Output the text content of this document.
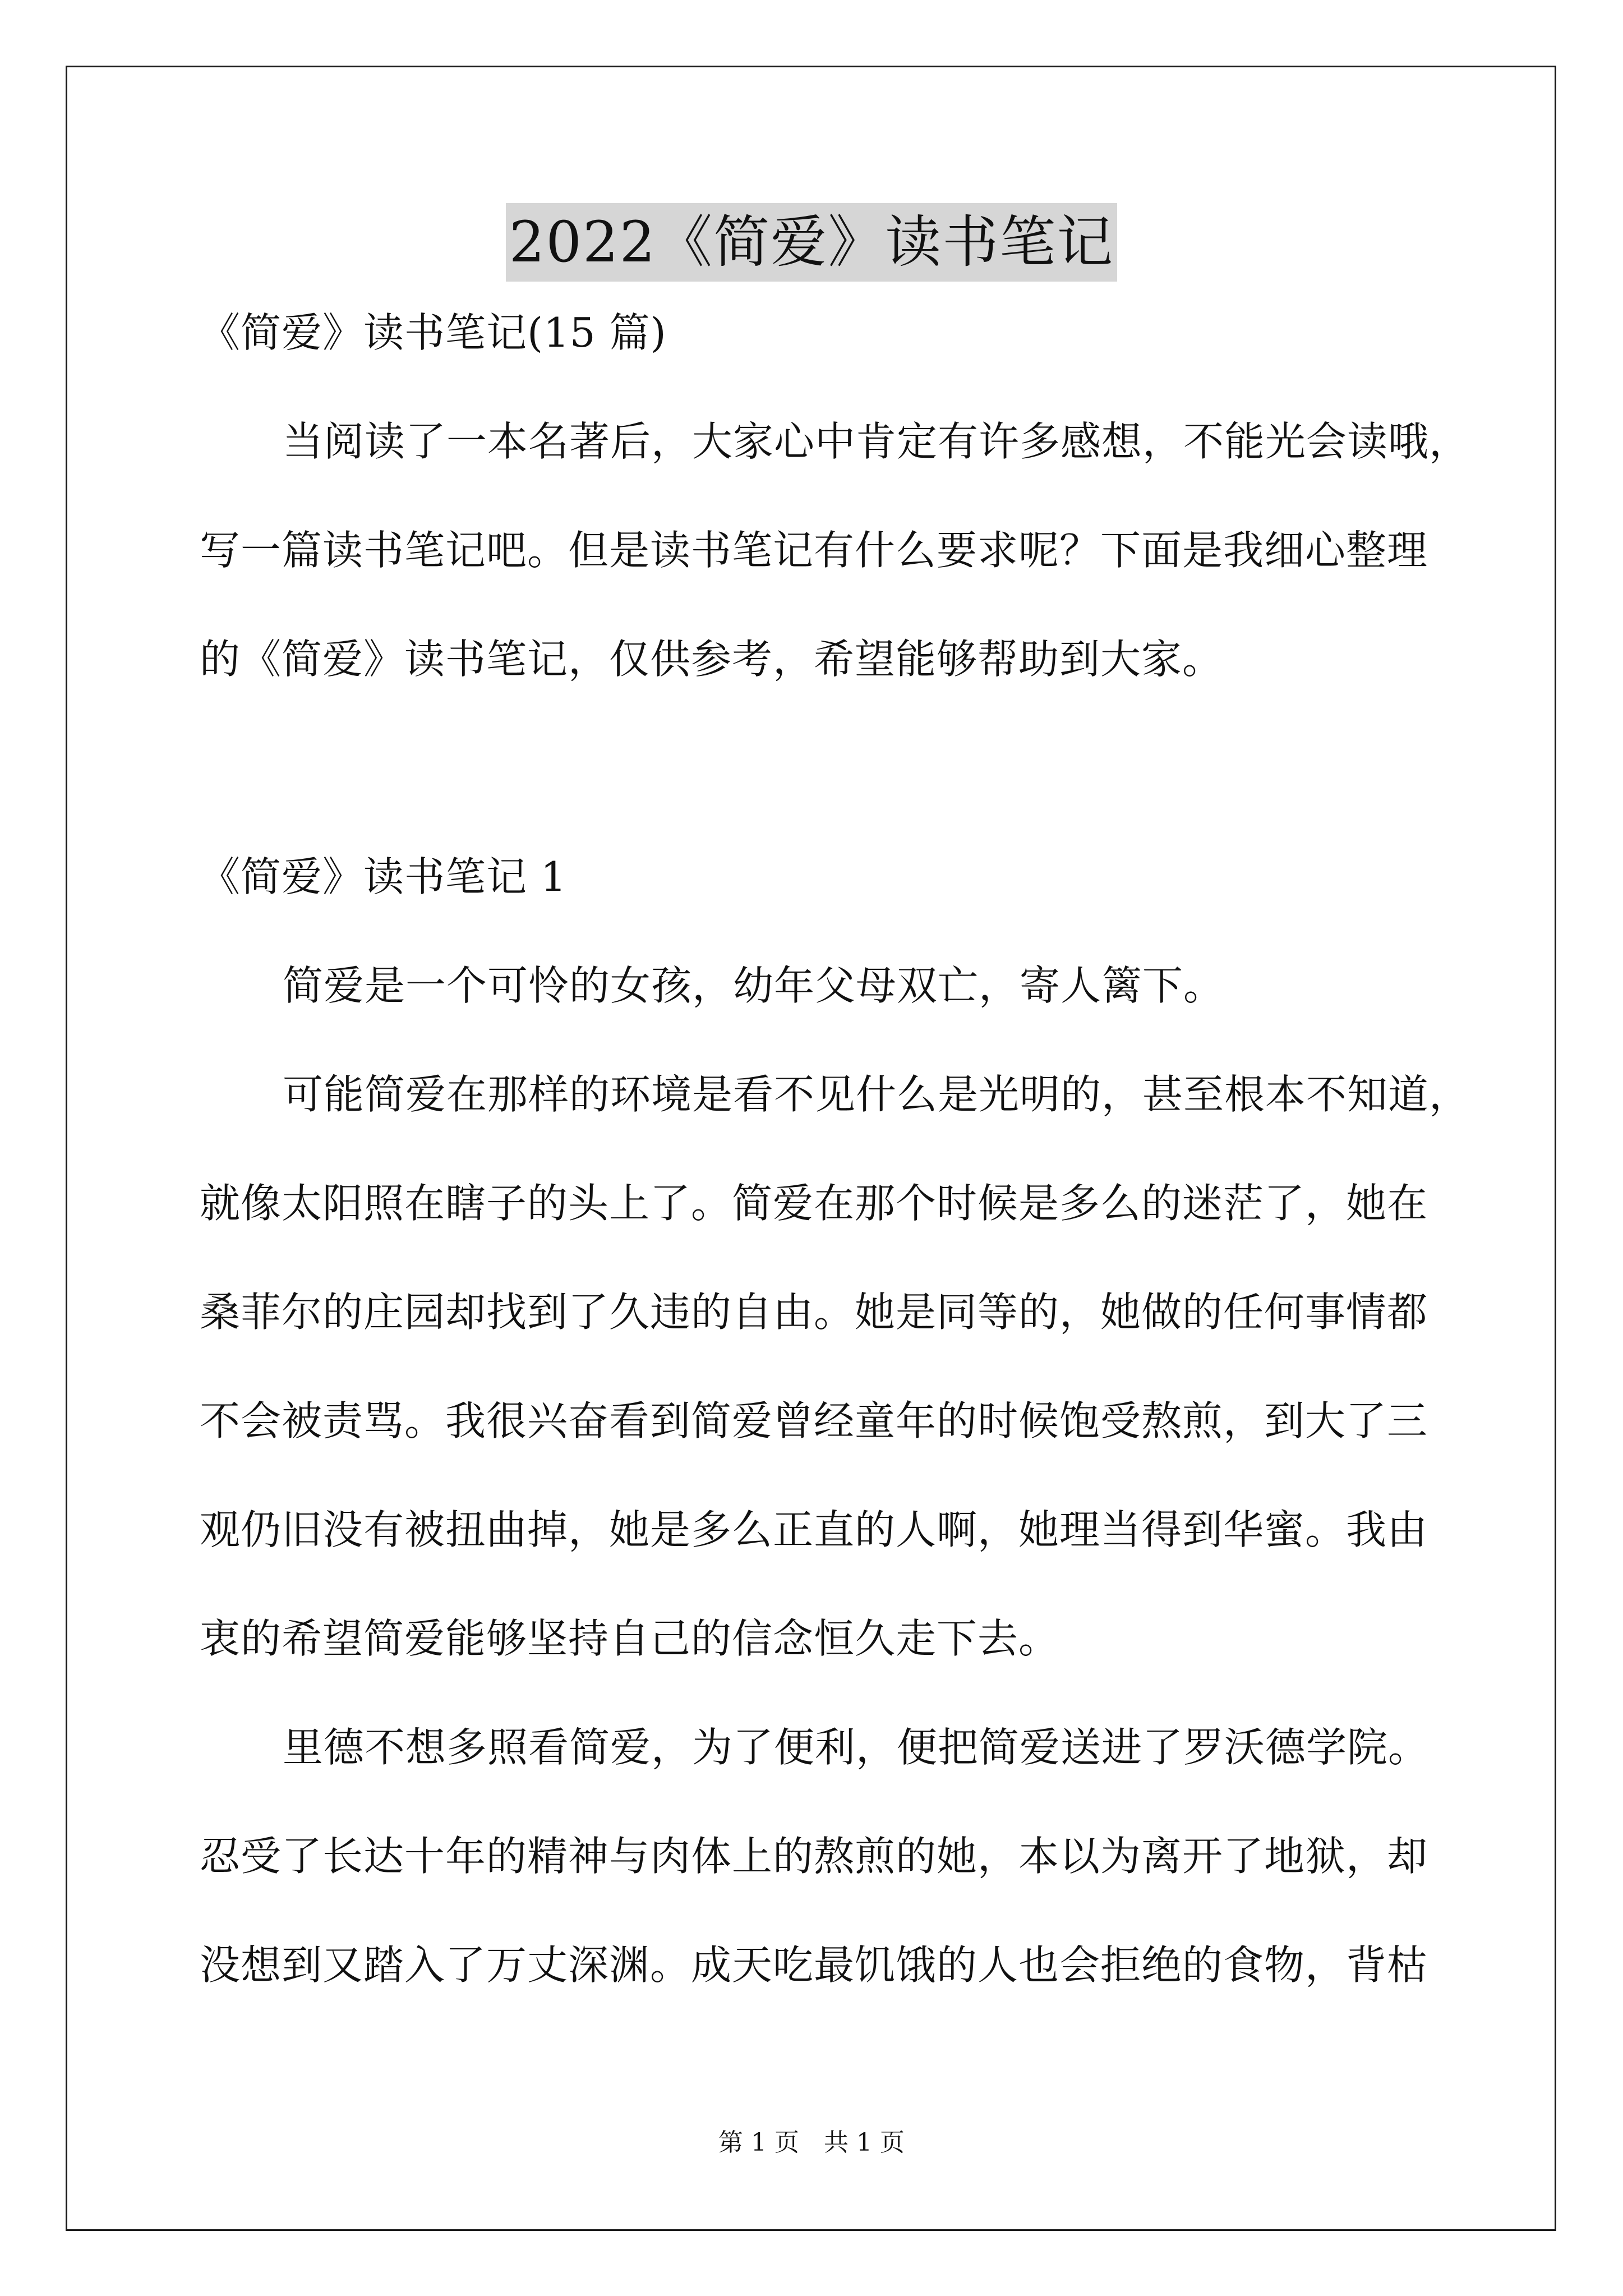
2022《简爱》读书笔记

《简爱》读书笔记(15 篇)

当阅读了一本名著后，大家心中肯定有许多感想，不能光会读哦，

写一篇读书笔记吧。但是读书笔记有什么要求呢？下面是我细心整理

的《简爱》读书笔记，仅供参考，希望能够帮助到大家。

《简爱》读书笔记 1

简爱是一个可怜的女孩，幼年父母双亡，寄人篱下。

可能简爱在那样的环境是看不见什么是光明的，甚至根本不知道，

就像太阳照在瞎子的头上了。简爱在那个时候是多么的迷茫了，她在

桑菲尔的庄园却找到了久违的自由。她是同等的，她做的任何事情都

不会被责骂。我很兴奋看到简爱曾经童年的时候饱受熬煎，到大了三

观仍旧没有被扭曲掉，她是多么正直的人啊，她理当得到华蜜。我由

衷的希望简爱能够坚持自己的信念恒久走下去。

里德不想多照看简爱，为了便利，便把简爱送进了罗沃德学院。

忍受了长达十年的精神与肉体上的熬煎的她，本以为离开了地狱，却

没想到又踏入了万丈深渊。成天吃最饥饿的人也会拒绝的食物，背枯

第 1 页　共 1 页
